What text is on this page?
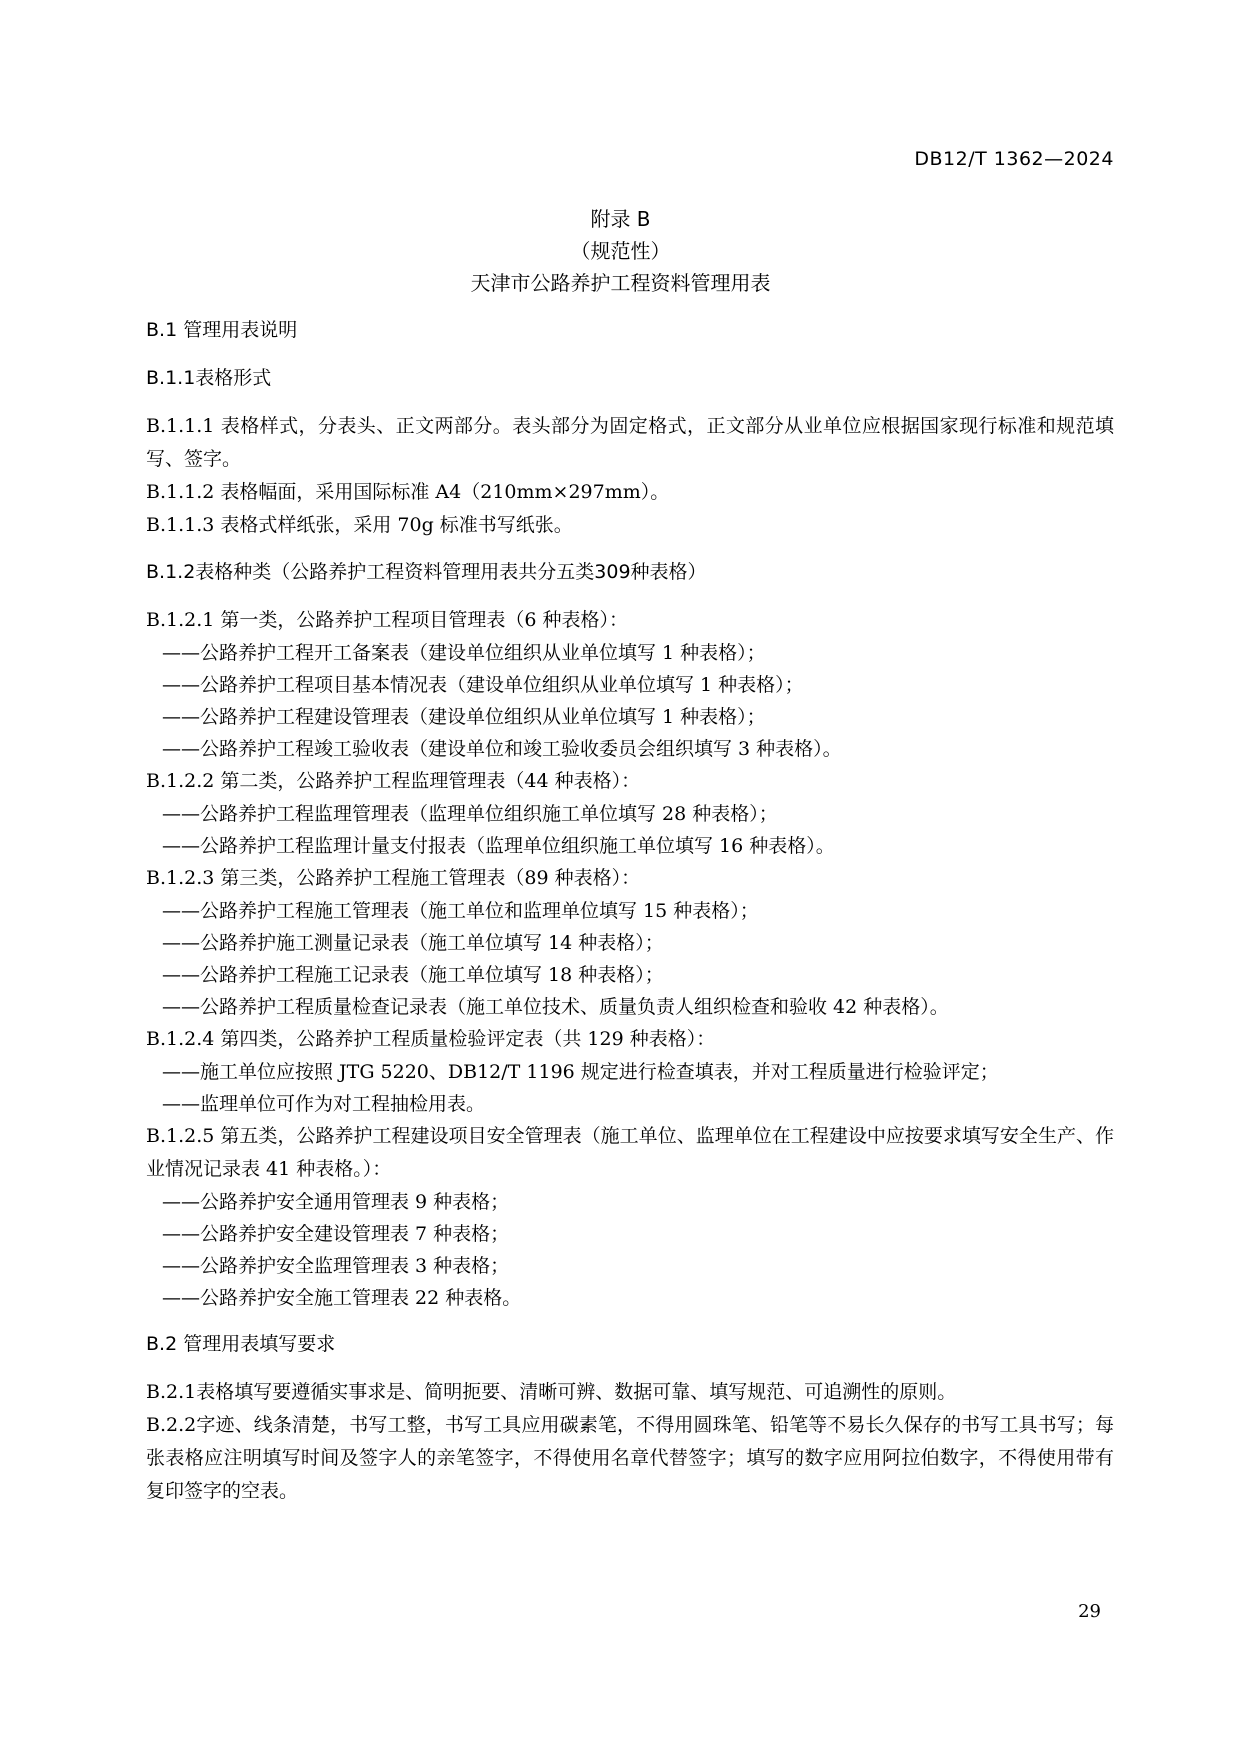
DB12/T 1362—2024
附录 B
（规范性）
天津市公路养护工程资料管理用表

B.1 管理用表说明

B.1.1表格形式

B.1.1.1 表格样式，分表头、正文两部分。表头部分为固定格式，正文部分从业单位应根据国家现行标准和规范填写、签字。

B.1.1.2 表格幅面，采用国际标准 A4（210mm×297mm）。

B.1.1.3 表格式样纸张，采用 70g 标准书写纸张。

B.1.2表格种类（公路养护工程资料管理用表共分五类309种表格）

B.1.2.1 第一类，公路养护工程项目管理表（6 种表格）：

——公路养护工程开工备案表（建设单位组织从业单位填写 1 种表格）；

——公路养护工程项目基本情况表（建设单位组织从业单位填写 1 种表格）；

——公路养护工程建设管理表（建设单位组织从业单位填写 1 种表格）；

——公路养护工程竣工验收表（建设单位和竣工验收委员会组织填写 3 种表格）。

B.1.2.2 第二类，公路养护工程监理管理表（44 种表格）：

——公路养护工程监理管理表（监理单位组织施工单位填写 28 种表格）；

——公路养护工程监理计量支付报表（监理单位组织施工单位填写 16 种表格）。

B.1.2.3 第三类，公路养护工程施工管理表（89 种表格）：

——公路养护工程施工管理表（施工单位和监理单位填写 15 种表格）；

——公路养护施工测量记录表（施工单位填写 14 种表格）；

——公路养护工程施工记录表（施工单位填写 18 种表格）；

——公路养护工程质量检查记录表（施工单位技术、质量负责人组织检查和验收 42 种表格）。

B.1.2.4 第四类，公路养护工程质量检验评定表（共 129 种表格）：

——施工单位应按照 JTG 5220、DB12/T 1196 规定进行检查填表，并对工程质量进行检验评定；

——监理单位可作为对工程抽检用表。

B.1.2.5 第五类，公路养护工程建设项目安全管理表（施工单位、监理单位在工程建设中应按要求填写安全生产、作业情况记录表 41 种表格。）：

——公路养护安全通用管理表 9 种表格；

——公路养护安全建设管理表 7 种表格；

——公路养护安全监理管理表 3 种表格；

——公路养护安全施工管理表 22 种表格。

B.2 管理用表填写要求

B.2.1表格填写要遵循实事求是、简明扼要、清晰可辨、数据可靠、填写规范、可追溯性的原则。

B.2.2字迹、线条清楚，书写工整，书写工具应用碳素笔，不得用圆珠笔、铅笔等不易长久保存的书写工具书写；每张表格应注明填写时间及签字人的亲笔签字，不得使用名章代替签字；填写的数字应用阿拉伯数字，不得使用带有复印签字的空表。

29
